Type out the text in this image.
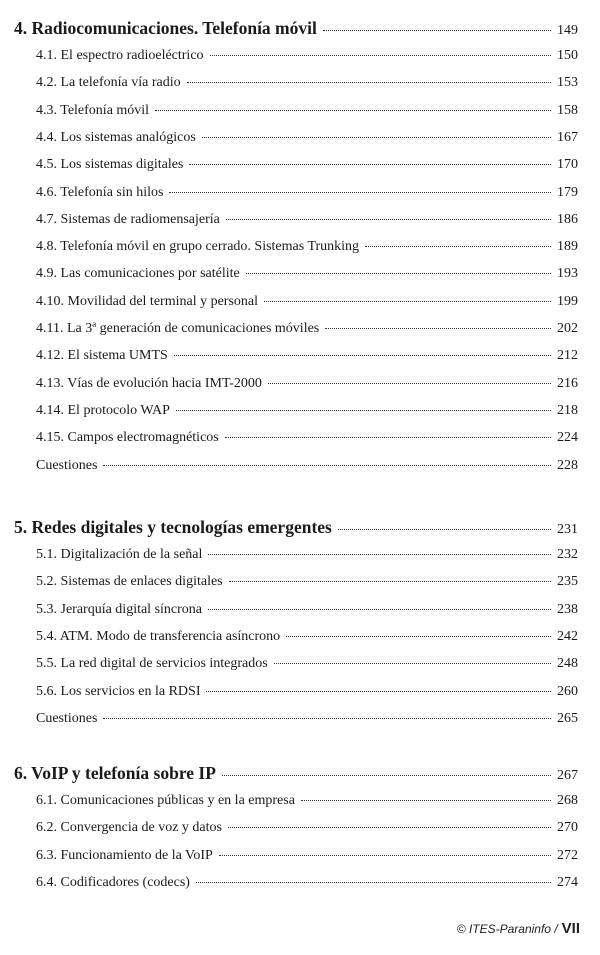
4. Radiocomunicaciones. Telefonía móvil	149
4.1. El espectro radioeléctrico	150
4.2. La telefonía vía radio	153
4.3. Telefonía móvil	158
4.4. Los sistemas analógicos	167
4.5. Los sistemas digitales	170
4.6. Telefonía sin hilos	179
4.7. Sistemas de radiomensajería	186
4.8. Telefonía móvil en grupo cerrado. Sistemas Trunking	189
4.9. Las comunicaciones por satélite	193
4.10. Movilidad del terminal y personal	199
4.11. La 3ª generación de comunicaciones móviles	202
4.12. El sistema UMTS	212
4.13. Vías de evolución hacia IMT-2000	216
4.14. El protocolo WAP	218
4.15. Campos electromagnéticos	224
Cuestiones	228
5. Redes digitales y tecnologías emergentes	231
5.1. Digitalización de la señal	232
5.2. Sistemas de enlaces digitales	235
5.3. Jerarquía digital síncrona	238
5.4. ATM. Modo de transferencia asíncrono	242
5.5. La red digital de servicios integrados	248
5.6. Los servicios en la RDSI	260
Cuestiones	265
6. VoIP y telefonía sobre IP	267
6.1. Comunicaciones públicas y en la empresa	268
6.2. Convergencia de voz y datos	270
6.3. Funcionamiento de la VoIP	272
6.4. Codificadores (codecs)	274
© ITES-Paraninfo / VII
